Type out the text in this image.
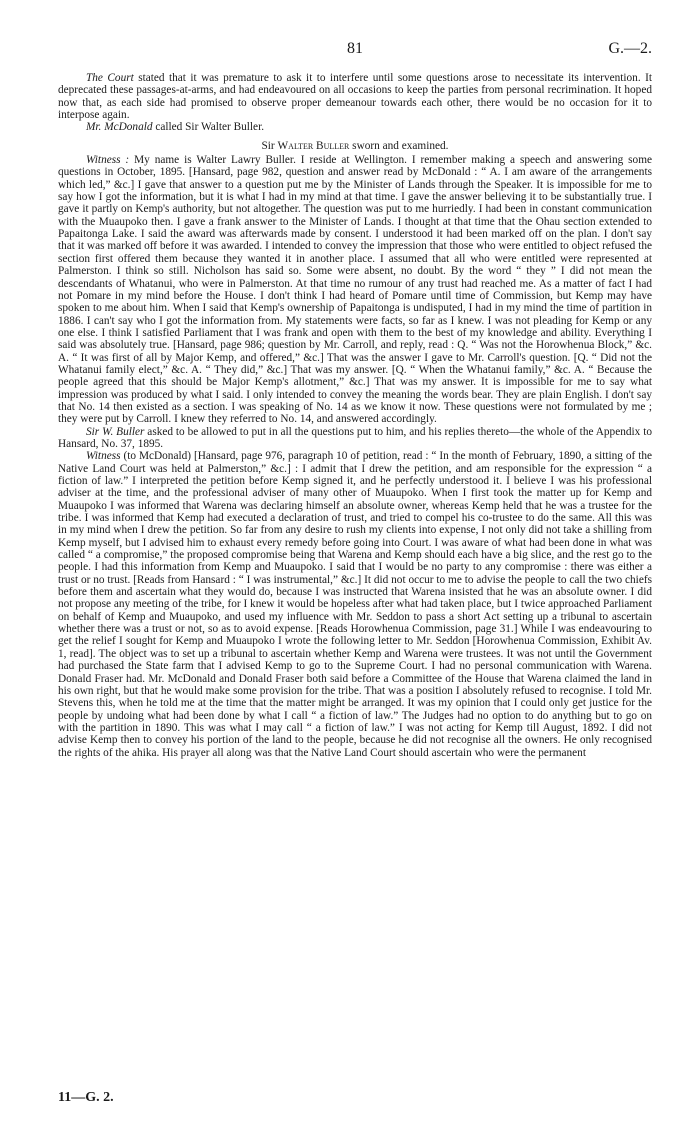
81	G.—2.

The Court stated that it was premature to ask it to interfere until some questions arose to necessitate its intervention. It deprecated these passages-at-arms, and had endeavoured on all occasions to keep the parties from personal recrimination. It hoped now that, as each side had promised to observe proper demeanour towards each other, there would be no occasion for it to interpose again.

Mr. McDonald called Sir Walter Buller.

Sir Walter Buller sworn and examined.

Witness : My name is Walter Lawry Buller. I reside at Wellington. I remember making a speech and answering some questions in October, 1895. [Hansard, page 982, question and answer read by McDonald : “ A. I am aware of the arrangements which led,” &c.] I gave that answer to a question put me by the Minister of Lands through the Speaker. It is impossible for me to say how I got the information, but it is what I had in my mind at that time. I gave the answer believing it to be substantially true. I gave it partly on Kemp's authority, but not altogether. The question was put to me hurriedly. I had been in constant communication with the Muaupoko then. I gave a frank answer to the Minister of Lands. I thought at that time that the Ohau section extended to Papaitonga Lake. I said the award was afterwards made by consent. I understood it had been marked off on the plan. I don't say that it was marked off before it was awarded. I intended to convey the impression that those who were entitled to object refused the section first offered them because they wanted it in another place. I assumed that all who were entitled were represented at Palmerston. I think so still. Nicholson has said so. Some were absent, no doubt. By the word “ they ” I did not mean the descendants of Whatanui, who were in Palmerston. At that time no rumour of any trust had reached me. As a matter of fact I had not Pomare in my mind before the House. I don't think I had heard of Pomare until time of Commission, but Kemp may have spoken to me about him. When I said that Kemp's ownership of Papaitonga is undisputed, I had in my mind the time of partition in 1886. I can't say who I got the information from. My statements were facts, so far as I knew. I was not pleading for Kemp or any one else. I think I satisfied Parliament that I was frank and open with them to the best of my knowledge and ability. Everything I said was absolutely true. [Hansard, page 986; question by Mr. Carroll, and reply, read : Q. “ Was not the Horowhenua Block,” &c. A. “ It was first of all by Major Kemp, and offered,” &c.] That was the answer I gave to Mr. Carroll's question. [Q. “ Did not the Whatanui family elect,” &c. A. “ They did,” &c.] That was my answer. [Q. “ When the Whatanui family,” &c. A. “ Because the people agreed that this should be Major Kemp's allotment,” &c.] That was my answer. It is impossible for me to say what impression was produced by what I said. I only intended to convey the meaning the words bear. They are plain English. I don't say that No. 14 then existed as a section. I was speaking of No. 14 as we know it now. These questions were not formulated by me ; they were put by Carroll. I knew they referred to No. 14, and answered accordingly.

Sir W. Buller asked to be allowed to put in all the questions put to him, and his replies thereto—the whole of the Appendix to Hansard, No. 37, 1895.

Witness (to McDonald) [Hansard, page 976, paragraph 10 of petition, read : “ In the month of February, 1890, a sitting of the Native Land Court was held at Palmerston,” &c.] : I admit that I drew the petition, and am responsible for the expression “ a fiction of law.” I interpreted the petition before Kemp signed it, and he perfectly understood it. I believe I was his professional adviser at the time, and the professional adviser of many other of Muaupoko. When I first took the matter up for Kemp and Muaupoko I was informed that Warena was declaring himself an absolute owner, whereas Kemp held that he was a trustee for the tribe. I was informed that Kemp had executed a declaration of trust, and tried to compel his co-trustee to do the same. All this was in my mind when I drew the petition. So far from any desire to rush my clients into expense, I not only did not take a shilling from Kemp myself, but I advised him to exhaust every remedy before going into Court. I was aware of what had been done in what was called “ a compromise,” the proposed compromise being that Warena and Kemp should each have a big slice, and the rest go to the people. I had this information from Kemp and Muaupoko. I said that I would be no party to any compromise : there was either a trust or no trust. [Reads from Hansard : “ I was instrumental,” &c.] It did not occur to me to advise the people to call the two chiefs before them and ascertain what they would do, because I was instructed that Warena insisted that he was an absolute owner. I did not propose any meeting of the tribe, for I knew it would be hopeless after what had taken place, but I twice approached Parliament on behalf of Kemp and Muaupoko, and used my influence with Mr. Seddon to pass a short Act setting up a tribunal to ascertain whether there was a trust or not, so as to avoid expense. [Reads Horowhenua Commission, page 31.] While I was endeavouring to get the relief I sought for Kemp and Muaupoko I wrote the following letter to Mr. Seddon [Horowhenua Commission, Exhibit Av. 1, read]. The object was to set up a tribunal to ascertain whether Kemp and Warena were trustees. It was not until the Government had purchased the State farm that I advised Kemp to go to the Supreme Court. I had no personal communication with Warena. Donald Fraser had. Mr. McDonald and Donald Fraser both said before a Committee of the House that Warena claimed the land in his own right, but that he would make some provision for the tribe. That was a position I absolutely refused to recognise. I told Mr. Stevens this, when he told me at the time that the matter might be arranged. It was my opinion that I could only get justice for the people by undoing what had been done by what I call “ a fiction of law.” The Judges had no option to do anything but to go on with the partition in 1890. This was what I may call “ a fiction of law.” I was not acting for Kemp till August, 1892. I did not advise Kemp then to convey his portion of the land to the people, because he did not recognise all the owners. He only recognised the rights of the ahika. His prayer all along was that the Native Land Court should ascertain who were the permanent

11—G. 2.
